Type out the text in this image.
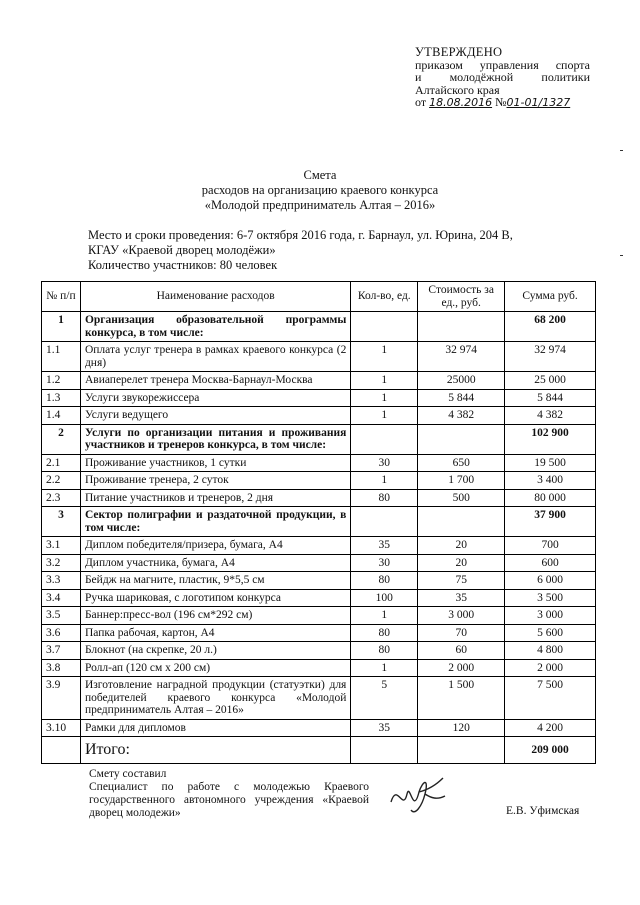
УТВЕРЖДЕНО
приказом управления спорта
и молодёжной политики
Алтайского края
от 18.08.2016 №01-01/1327
Смета
расходов на организацию краевого конкурса
«Молодой предприниматель Алтая – 2016»
Место и сроки проведения: 6-7 октября 2016 года, г. Барнаул, ул. Юрина, 204 В,
КГАУ «Краевой дворец молодёжи»
Количество участников: 80 человек
№ п/п	Наименование расходов	Кол-во, ед.	Стоимость за ед., руб.	Сумма руб.
1	Организация образовательной программы конкурса, в том числе:			68 200
1.1	Оплата услуг тренера в рамках краевого конкурса (2 дня)	1	32 974	32 974
1.2	Авиаперелет тренера Москва-Барнаул-Москва	1	25000	25 000
1.3	Услуги звукорежиссера	1	5 844	5 844
1.4	Услуги ведущего	1	4 382	4 382
2	Услуги по организации питания и проживания участников и тренеров конкурса, в том числе:			102 900
2.1	Проживание участников, 1 сутки	30	650	19 500
2.2	Проживание тренера, 2 суток	1	1 700	3 400
2.3	Питание участников и тренеров, 2 дня	80	500	80 000
3	Сектор полиграфии и раздаточной продукции, в том числе:			37 900
3.1	Диплом победителя/призера, бумага, А4	35	20	700
3.2	Диплом участника, бумага, А4	30	20	600
3.3	Бейдж на магните, пластик, 9*5,5 см	80	75	6 000
3.4	Ручка шариковая, с логотипом конкурса	100	35	3 500
3.5	Баннер:пресс-вол (196 см*292 см)	1	3 000	3 000
3.6	Папка рабочая, картон, А4	80	70	5 600
3.7	Блокнот (на скрепке, 20 л.)	80	60	4 800
3.8	Ролл-ап (120 см х 200 см)	1	2 000	2 000
3.9	Изготовление наградной продукции (статуэтки) для победителей краевого конкурса «Молодой предприниматель Алтая – 2016»	5	1 500	7 500
3.10	Рамки для дипломов	35	120	4 200
	Итого:			209 000
Смету составил
Специалист по работе с молодежью Краевого государственного автономного учреждения «Краевой дворец молодежи»	Е.В. Уфимская
